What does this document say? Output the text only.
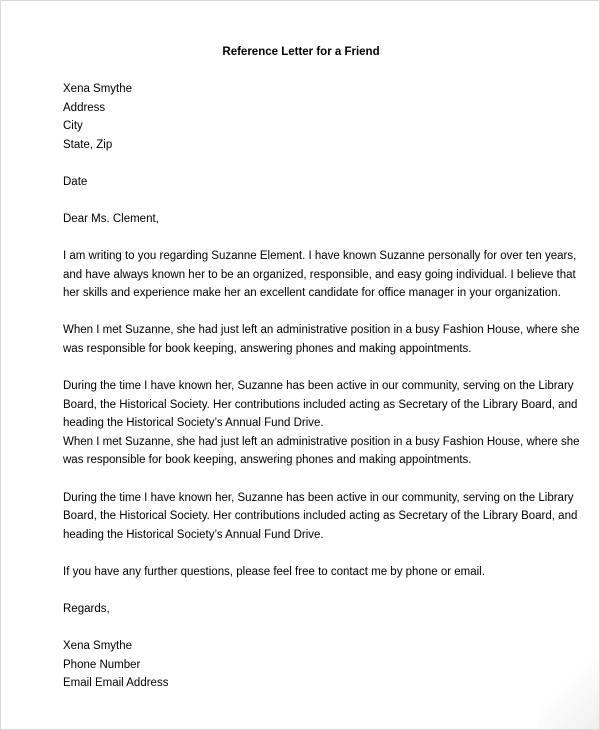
Reference Letter for a Friend
Xena Smythe
Address
City
State, Zip
Date
Dear Ms. Clement,
I am writing to you regarding Suzanne Element. I have known Suzanne personally for over ten years,
and have always known her to be an organized, responsible, and easy going individual. I believe that
her skills and experience make her an excellent candidate for office manager in your organization.
When I met Suzanne, she had just left an administrative position in a busy Fashion House, where she
was responsible for book keeping, answering phones and making appointments.
During the time I have known her, Suzanne has been active in our community, serving on the Library
Board, the Historical Society. Her contributions included acting as Secretary of the Library Board, and
heading the Historical Society’s Annual Fund Drive.
When I met Suzanne, she had just left an administrative position in a busy Fashion House, where she
was responsible for book keeping, answering phones and making appointments.
During the time I have known her, Suzanne has been active in our community, serving on the Library
Board, the Historical Society. Her contributions included acting as Secretary of the Library Board, and
heading the Historical Society’s Annual Fund Drive.
If you have any further questions, please feel free to contact me by phone or email.
Regards,
Xena Smythe
Phone Number
Email Email Address
